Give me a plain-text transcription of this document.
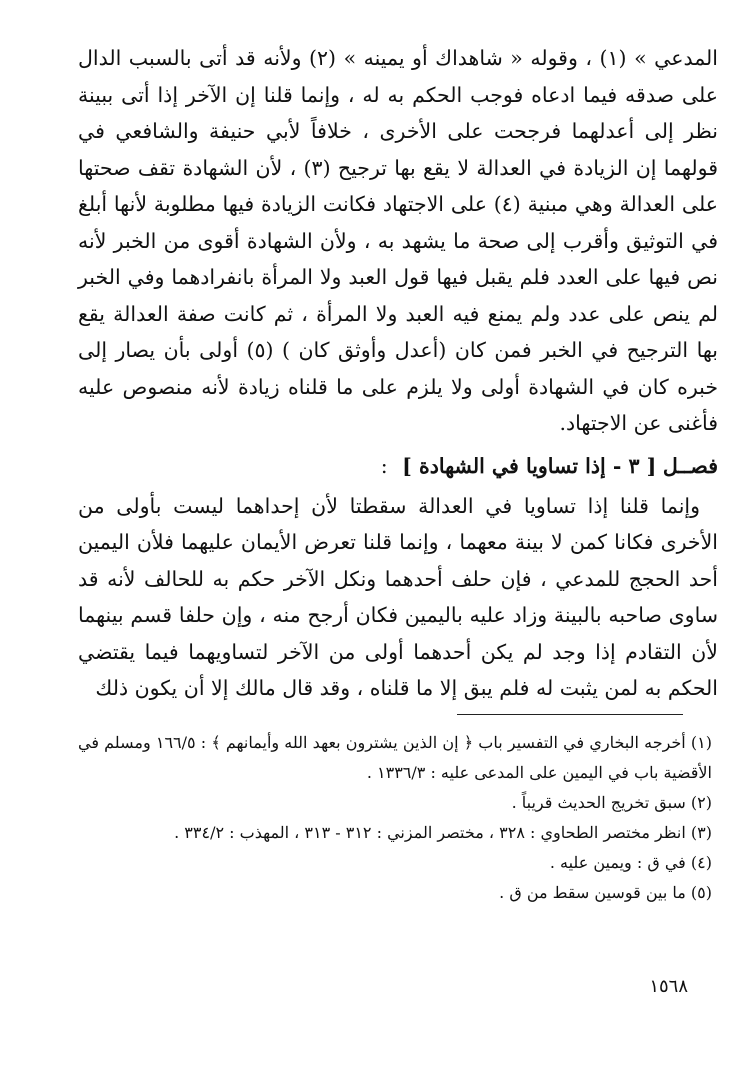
المدعي » (١) ، وقوله « شاهداك أو يمينه » (٢) ولأنه قد أتى بالسبب الدال على صدقه فيما ادعاه فوجب الحكم به له ، وإنما قلنا إن الآخر إذا أتى ببينة نظر إلى أعدلهما فرجحت على الأخرى ، خلافاً لأبي حنيفة والشافعي في قولهما إن الزيادة في العدالة لا يقع بها ترجيح (٣) ، لأن الشهادة تقف صحتها على العدالة وهي مبنية (٤) على الاجتهاد فكانت الزيادة فيها مطلوبة لأنها أبلغ في التوثيق وأقرب إلى صحة ما يشهد به ، ولأن الشهادة أقوى من الخبر لأنه نص فيها على العدد فلم يقبل فيها قول العبد ولا المرأة بانفرادهما وفي الخبر لم ينص على عدد ولم يمنع فيه العبد ولا المرأة ، ثم كانت صفة العدالة يقع بها الترجيح في الخبر فمن كان (أعدل وأوثق كان ) (٥) أولى بأن يصار إلى خبره كان في الشهادة أولى ولا يلزم على ما قلناه زيادة لأنه منصوص عليه فأغنى عن الاجتهاد.

فصــل [ ٣ - إذا تساويا في الشهادة ] :

وإنما قلنا إذا تساويا في العدالة سقطتا لأن إحداهما ليست بأولى من الأخرى فكانا كمن لا بينة معهما ، وإنما قلنا تعرض الأيمان عليهما فلأن اليمين أحد الحجج للمدعي ، فإن حلف أحدهما ونكل الآخر حكم به للحالف لأنه قد ساوى صاحبه بالبينة وزاد عليه باليمين فكان أرجح منه ، وإن حلفا قسم بينهما لأن التقادم إذا وجد لم يكن أحدهما أولى من الآخر لتساويهما فيما يقتضي الحكم به لمن يثبت له فلم يبق إلا ما قلناه ، وقد قال مالك إلا أن يكون ذلك

(١) أخرجه البخاري في التفسير باب ﴿ إن الذين يشترون بعهد الله وأيمانهم ﴾ : ١٦٦/٥ ومسلم في الأقضية باب في اليمين على المدعى عليه : ١٣٣٦/٣ .

(٢) سبق تخريج الحديث قريباً .

(٣) انظر مختصر الطحاوي : ٣٢٨ ، مختصر المزني : ٣١٢ - ٣١٣ ، المهذب : ٣٣٤/٢ .

(٤) في ق : ويمين عليه .

(٥) ما بين قوسين سقط من ق .

١٥٦٨
